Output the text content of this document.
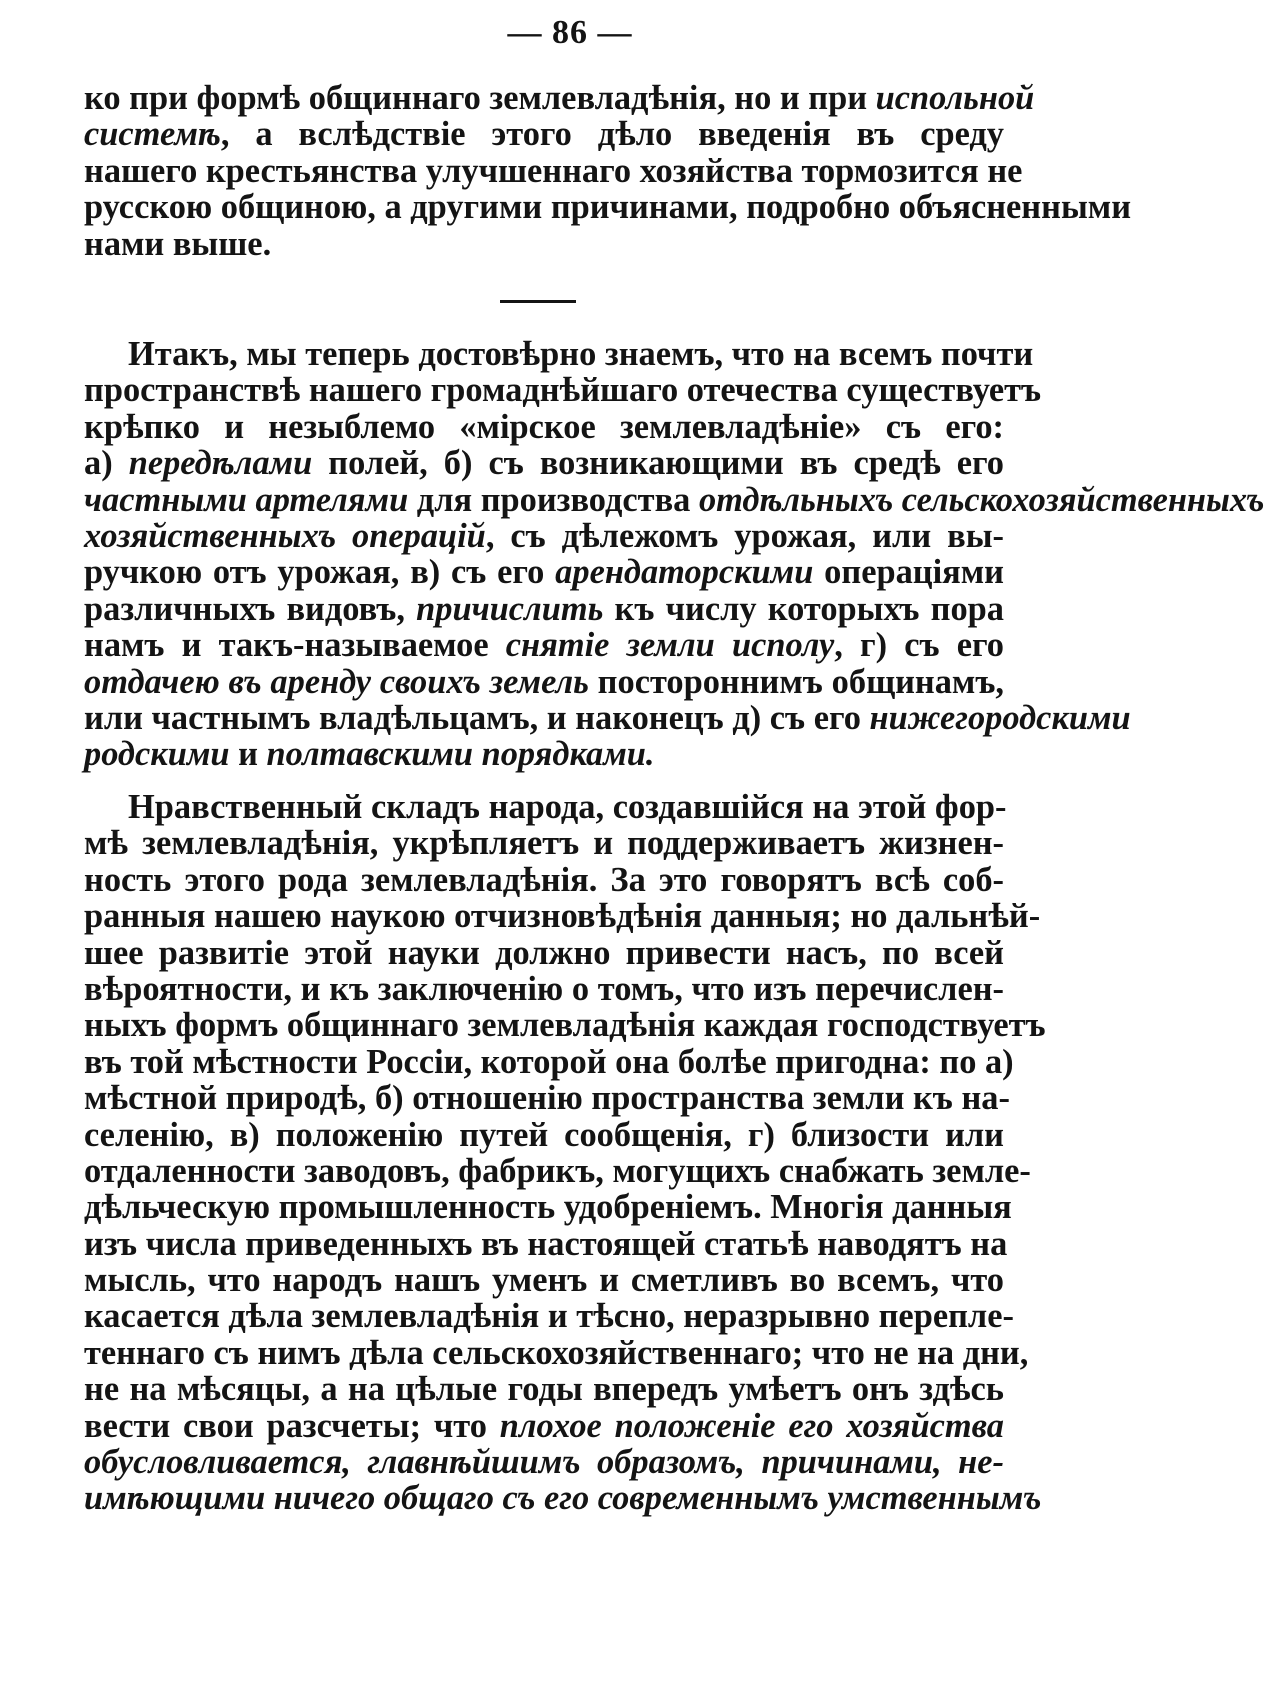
— 86 —
ко при формѣ общиннаго землевладѣнія, но и при испольной
системѣ, а вслѣдствіе этого дѣло введенія въ среду
нашего крестьянства улучшеннаго хозяйства тормозится не
русскою общиною, а другими причинами, подробно объясненными
нами выше.
Итакъ, мы теперь достовѣрно знаемъ, что на всемъ почти
пространствѣ нашего громаднѣйшаго отечества существуетъ
крѣпко и незыблемо «мірское землевладѣніе» съ его:
а) передѣлами полей, б) съ возникающими въ средѣ его
частными артелями для производства отдѣльныхъ сельскохозяйственныхъ
хозяйственныхъ операцій, съ дѣлежомъ урожая, или вы-
ручкою отъ урожая, в) съ его арендаторскими операціями
различныхъ видовъ, причислить къ числу которыхъ пора
намъ и такъ-называемое снятіе земли исполу, г) съ его
отдачею въ аренду своихъ земель постороннимъ общинамъ,
или частнымъ владѣльцамъ, и наконецъ д) съ его нижегородскими
родскими и полтавскими порядками.
Нравственный складъ народа, создавшійся на этой фор-
мѣ землевладѣнія, укрѣпляетъ и поддерживаетъ жизнен-
ность этого рода землевладѣнія. За это говорятъ всѣ соб-
ранныя нашею наукою отчизновѣдѣнія данныя; но дальнѣй-
шее развитіе этой науки должно привести насъ, по всей
вѣроятности, и къ заключенію о томъ, что изъ перечислен-
ныхъ формъ общиннаго землевладѣнія каждая господствуетъ
въ той мѣстности Россіи, которой она болѣе пригодна: по а)
мѣстной природѣ, б) отношенію пространства земли къ на-
селенію, в) положенію путей сообщенія, г) близости или
отдаленности заводовъ, фабрикъ, могущихъ снабжать земле-
дѣльческую промышленность удобреніемъ. Многія данныя
изъ числа приведенныхъ въ настоящей статьѣ наводятъ на
мысль, что народъ нашъ уменъ и сметливъ во всемъ, что
касается дѣла землевладѣнія и тѣсно, неразрывно перепле-
теннаго съ нимъ дѣла сельскохозяйственнаго; что не на дни,
не на мѣсяцы, а на цѣлые годы впередъ умѣетъ онъ здѣсь
вести свои разсчеты; что плохое положеніе его хозяйства
обусловливается, главнѣйшимъ образомъ, причинами, не-
имѣющими ничего общаго съ его современнымъ умственнымъ
